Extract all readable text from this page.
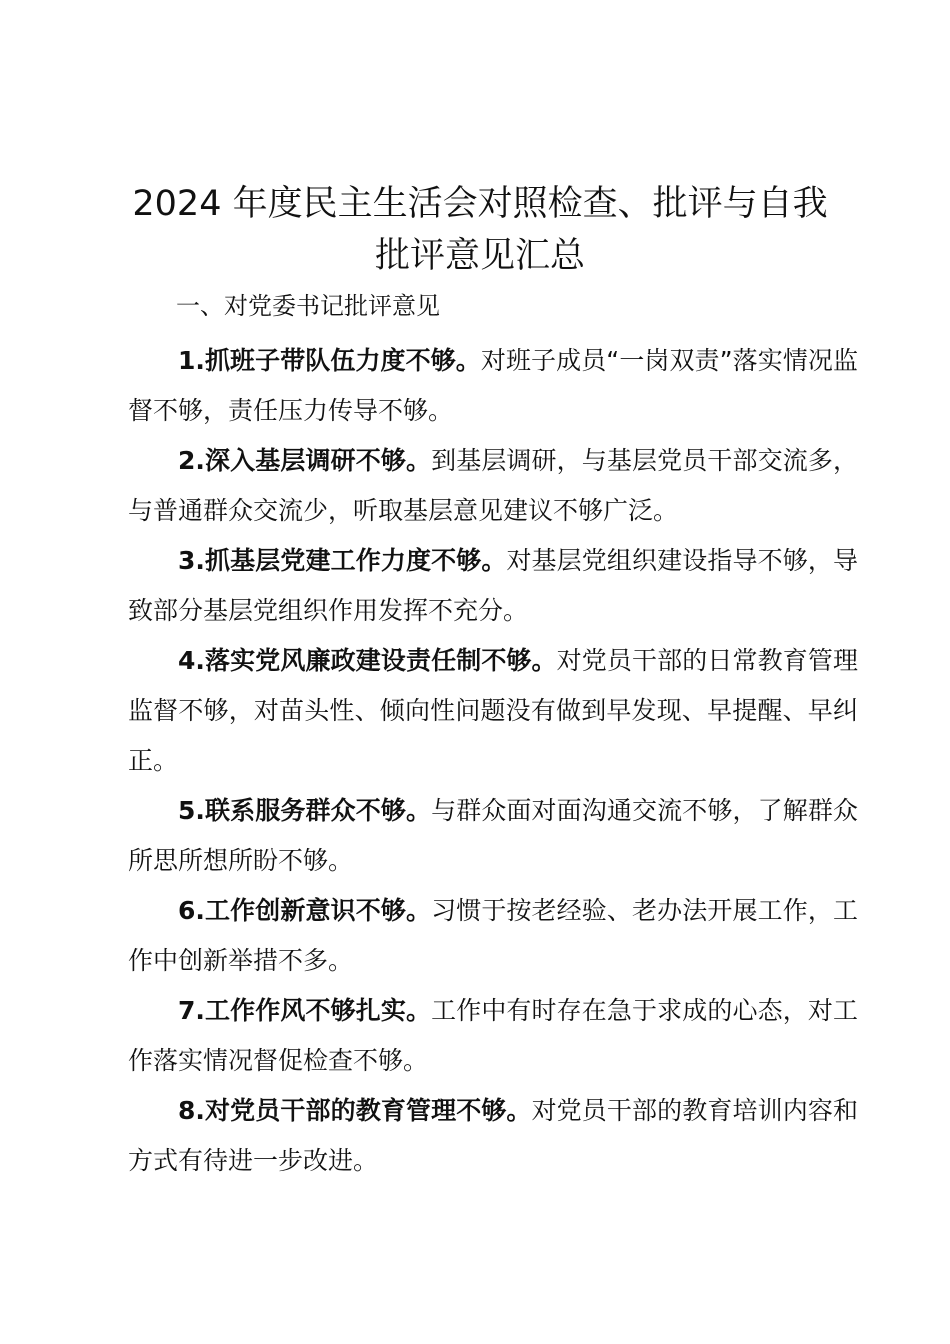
2024 年度民主生活会对照检查、批评与自我
批评意见汇总

一、对党委书记批评意见

1.抓班子带队伍力度不够。对班子成员“一岗双责”落实情况监督不够，责任压力传导不够。
2.深入基层调研不够。到基层调研，与基层党员干部交流多，与普通群众交流少，听取基层意见建议不够广泛。
3.抓基层党建工作力度不够。对基层党组织建设指导不够，导致部分基层党组织作用发挥不充分。
4.落实党风廉政建设责任制不够。对党员干部的日常教育管理监督不够，对苗头性、倾向性问题没有做到早发现、早提醒、早纠正。
5.联系服务群众不够。与群众面对面沟通交流不够，了解群众所思所想所盼不够。
6.工作创新意识不够。习惯于按老经验、老办法开展工作，工作中创新举措不多。
7.工作作风不够扎实。工作中有时存在急于求成的心态，对工作落实情况督促检查不够。
8.对党员干部的教育管理不够。对党员干部的教育培训内容和方式有待进一步改进。
